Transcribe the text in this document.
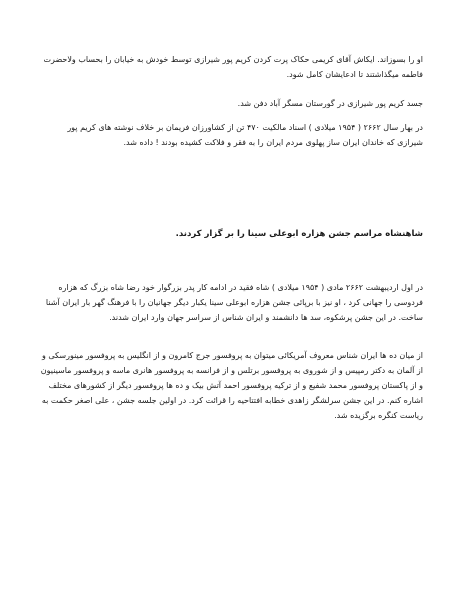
او را بسوزاند. ایکاش آقای کریمی حکاک پرت کردن کریم پور شیرازی توسط خودش به خیابان را بحساب ولاحضرت فاطمه میگذاشتند تا ادعایشان کامل شود.

جسد کریم پور شیرازی در گورستان مسگر آباد دفن شد.

در بهار سال ۲۶۶۲ ( ۱۹۵۴ میلادی ) اسناد مالکیت ۴۷۰ تن از کشاورزان فریمان بر خلاف نوشته های کریم پور شیرازی که خاندان ایران ساز پهلوی مردم ایران را به فقر و فلاکت کشیده بودند ! داده شد.

شاهنشاه مراسم جشن هزاره ابوعلی سینا را بر گزار کردند.

در اول اردیبهشت ۲۶۶۲ مادی ( ۱۹۵۴ میلادی ) شاه فقید در ادامه کار پدر بزرگوار خود رضا شاه بزرگ که هزاره فردوسی را جهانی کرد ، او نیز با برپائی جشن هزاره ابوعلی سینا یکبار دیگر جهانیان را با فرهنگ گهر بار ایران آشنا ساخت. در این جشن پرشکوه، سد ها دانشمند و ایران شناس از سراسر جهان وارد ایران شدند.

از میان ده ها ایران شناس معروف آمریکائی میتوان به پروفسور جرج کامرون و از انگلیس به پروفسور مینورسکی و از آلمان به دکتر رمپیس و از شوروی به پروفسور برتلس و از فرانسه به پروفسور هانری ماسه و پروفسور ماسینیون و از پاکستان پروفسور محمد شفیع و از ترکیه پروفسور احمد آتش بیک و ده ها پروفسور دیگر از کشورهای مختلف اشاره کنم. در این جشن سرلشگر زاهدی خطابه افتتاحیه را قرائت کرد. در اولین جلسه جشن ، علی اصغر حکمت به ریاست کنگره برگزیده شد.
